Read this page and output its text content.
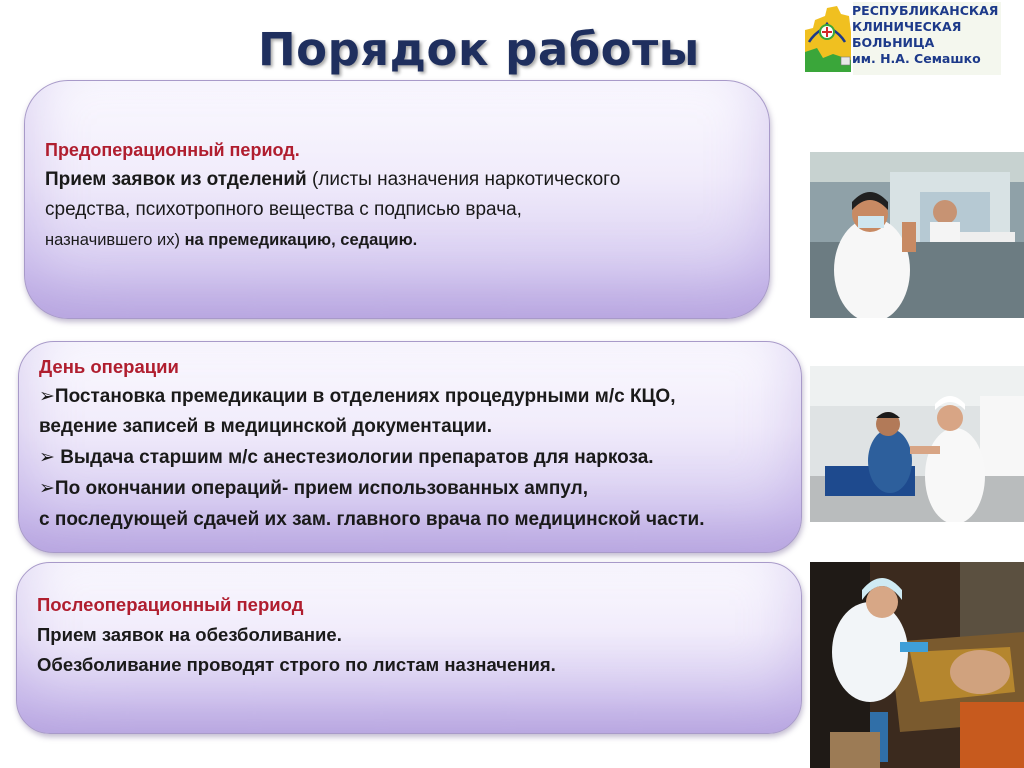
Порядок работы
РЕСПУБЛИКАНСКАЯ
КЛИНИЧЕСКАЯ
БОЛЬНИЦА
им. Н.А. Семашко
Предоперационный период.
Прием заявок из отделений (листы назначения наркотического
средства, психотропного вещества с подписью врача,
назначившего их) на премедикацию, седацию.
День операции
➢Постановка премедикации в отделениях процедурными м/с КЦО,
ведение записей в медицинской документации.
➢ Выдача старшим м/с анестезиологии препаратов для наркоза.
➢По окончании операций- прием использованных ампул,
с последующей сдачей их зам. главного врача по медицинской части.
Послеоперационный период
Прием заявок на обезболивание.
Обезболивание проводят строго по листам назначения.
